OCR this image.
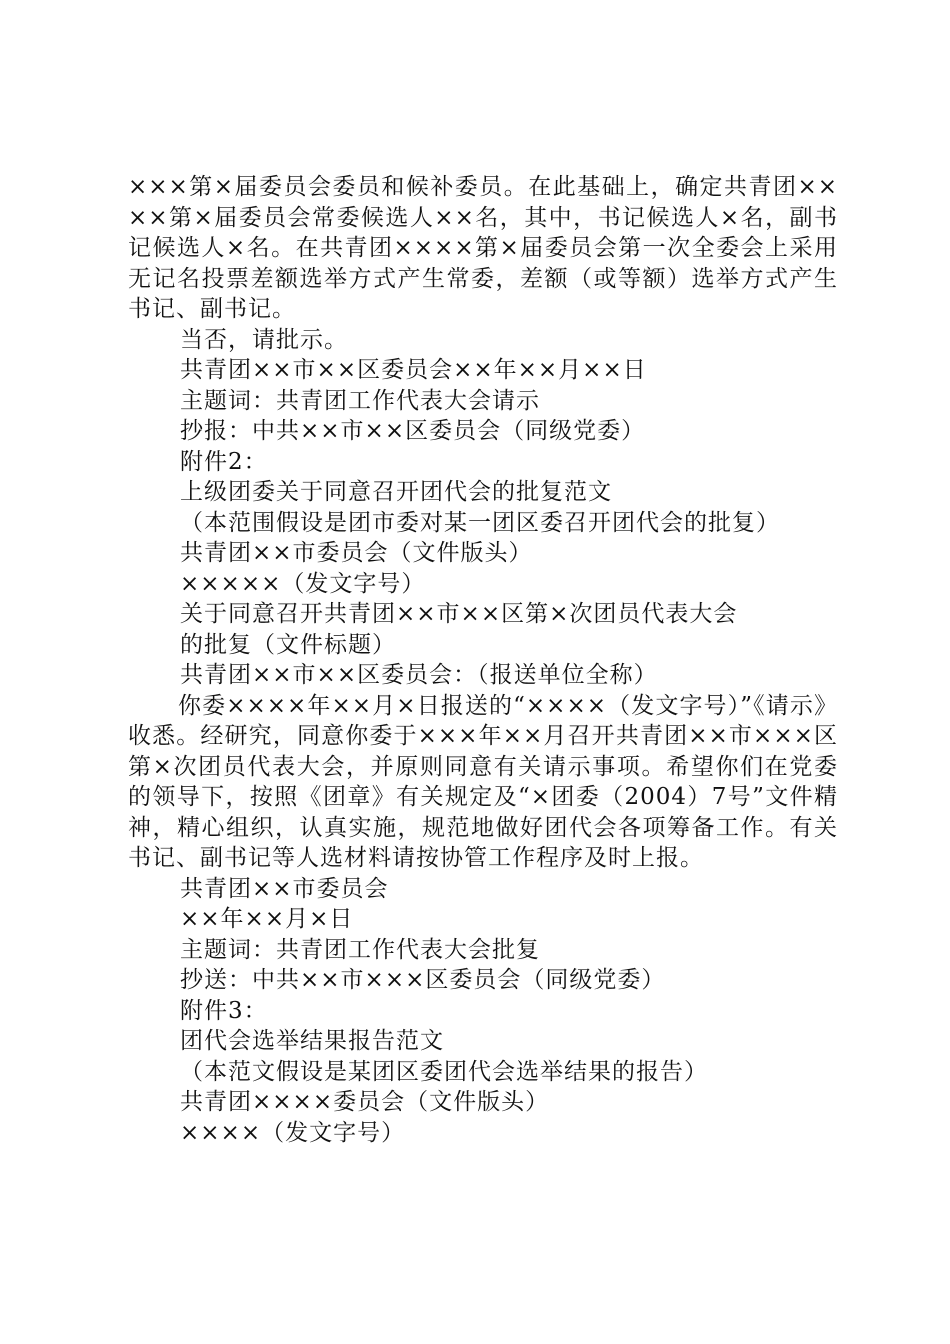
×××第×届委员会委员和候补委员。在此基础上，确定共青团××××第×届委员会常委候选人××名，其中，书记候选人×名，副书记候选人×名。在共青团××××第×届委员会第一次全委会上采用无记名投票差额选举方式产生常委，差额（或等额）选举方式产生书记、副书记。

当否，请批示。
共青团××市××区委员会××年××月××日
主题词：共青团工作代表大会请示
抄报：中共××市××区委员会（同级党委）
附件2：
上级团委关于同意召开团代会的批复范文
（本范围假设是团市委对某一团区委召开团代会的批复）
共青团××市委员会（文件版头）
×××××（发文字号）
关于同意召开共青团××市××区第×次团员代表大会
的批复（文件标题）
共青团××市××区委员会：（报送单位全称）

你委××××年××月×日报送的“××××（发文字号）”《请示》收悉。经研究，同意你委于×××年××月召开共青团××市×××区第×次团员代表大会，并原则同意有关请示事项。希望你们在党委的领导下，按照《团章》有关规定及“×团委（2004）7号”文件精神，精心组织，认真实施，规范地做好团代会各项筹备工作。有关书记、副书记等人选材料请按协管工作程序及时上报。

共青团××市委员会
××年××月×日
主题词：共青团工作代表大会批复
抄送：中共××市×××区委员会（同级党委）
附件3：
团代会选举结果报告范文
（本范文假设是某团区委团代会选举结果的报告）
共青团××××委员会（文件版头）
××××（发文字号）
